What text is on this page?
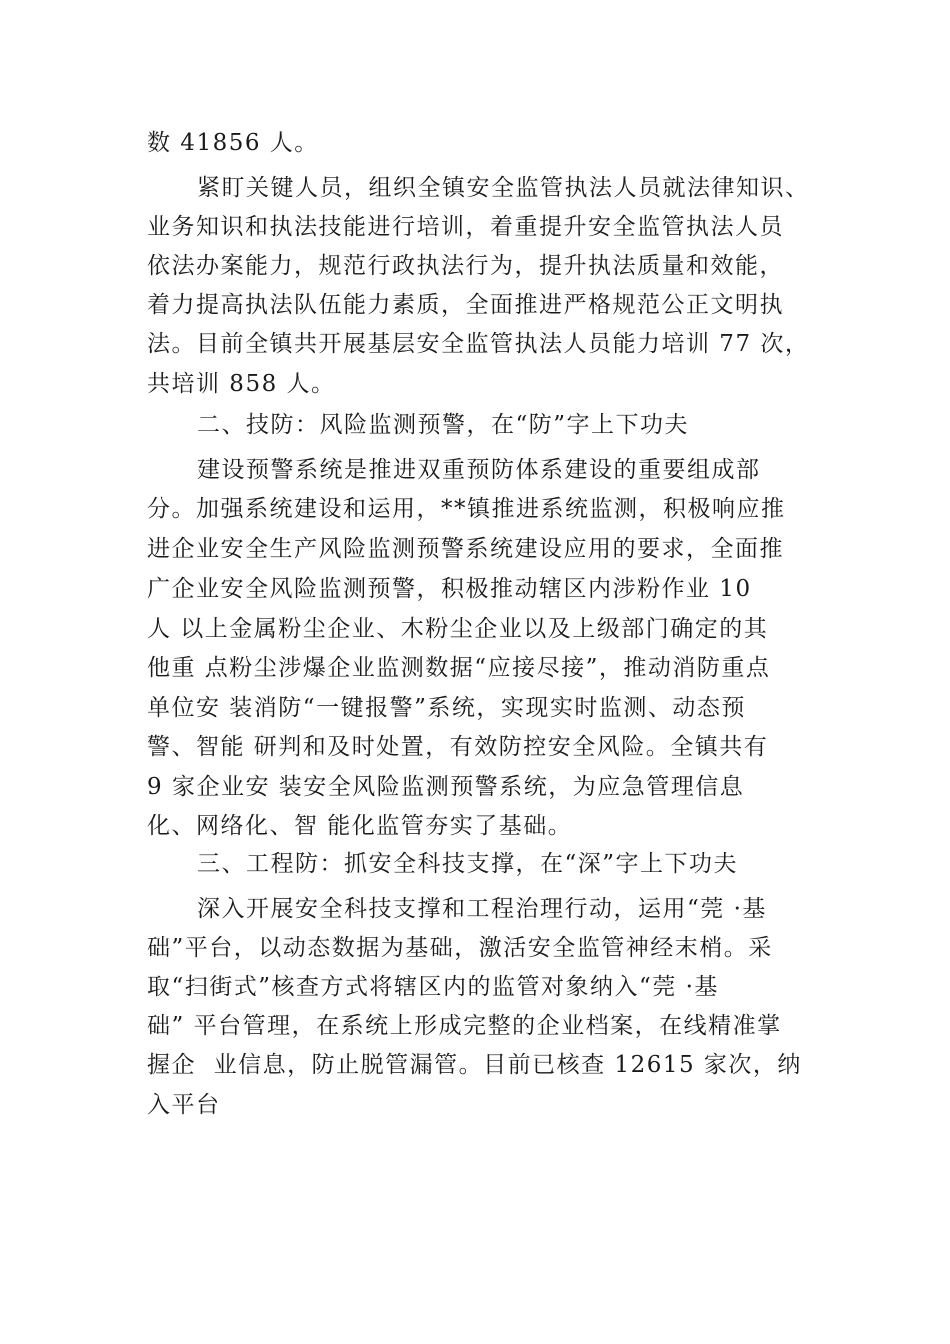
数 41856 人。
紧盯关键人员，组织全镇安全监管执法人员就法律知识、
业务知识和执法技能进行培训，着重提升安全监管执法人员
依法办案能力，规范行政执法行为，提升执法质量和效能，
着力提高执法队伍能力素质，全面推进严格规范公正文明执
法。目前全镇共开展基层安全监管执法人员能力培训 77 次，
共培训 858 人。
二、技防：风险监测预警，在“防”字上下功夫
建设预警系统是推进双重预防体系建设的重要组成部
分。加强系统建设和运用，**镇推进系统监测，积极响应推
进企业安全生产风险监测预警系统建设应用的要求，全面推
广企业安全风险监测预警，积极推动辖区内涉粉作业 10
人 以上金属粉尘企业、木粉尘企业以及上级部门确定的其
他重 点粉尘涉爆企业监测数据“应接尽接”，推动消防重点
单位安 装消防“一键报警”系统，实现实时监测、动态预
警、智能 研判和及时处置，有效防控安全风险。全镇共有
9 家企业安 装安全风险监测预警系统，为应急管理信息
化、网络化、智 能化监管夯实了基础。
三、工程防：抓安全科技支撑，在“深”字上下功夫
深入开展安全科技支撑和工程治理行动，运用“莞 ·基
础”平台，以动态数据为基础，激活安全监管神经末梢。采
取“扫街式”核查方式将辖区内的监管对象纳入“莞 ·基
础” 平台管理，在系统上形成完整的企业档案，在线精准掌
握企  业信息，防止脱管漏管。目前已核查 12615 家次，纳
入平台
